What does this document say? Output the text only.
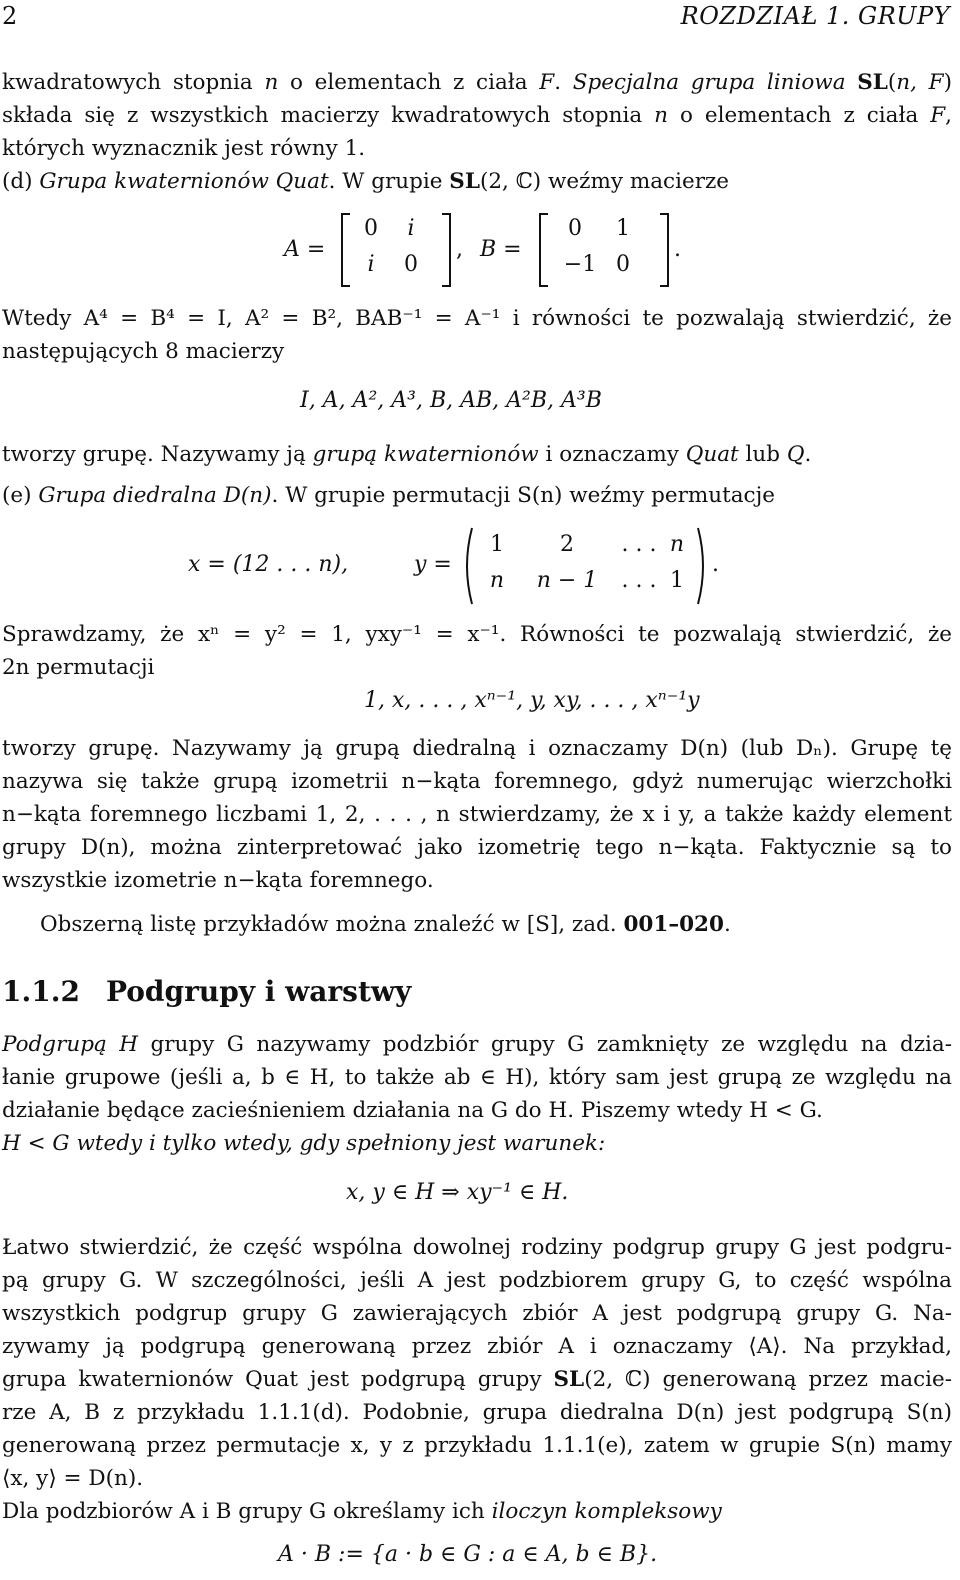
2	ROZDZIAŁ 1. GRUPY
kwadratowych stopnia n o elementach z ciała F. Specjalna grupa liniowa SL(n, F)
składa się z wszystkich macierzy kwadratowych stopnia n o elementach z ciała F,
których wyznacznik jest równy 1.
(d) Grupa kwaternionów Quat. W grupie SL(2, ℂ) weźmy macierze
A =
0	i
i	0
, B =
0	1
−1 0
.
Wtedy A⁴ = B⁴ = I, A² = B², BAB⁻¹ = A⁻¹ i równości te pozwalają stwierdzić, że
następujących 8 macierzy
I, A, A², A³, B, AB, A²B, A³B
tworzy grupę. Nazywamy ją grupą kwaternionów i oznaczamy Quat lub Q.
(e) Grupa diedralna D(n). W grupie permutacji S(n) weźmy permutacje
x = (12 . . . n),	y =
1	2	. . . n
n	n − 1	. . . 1
.
Sprawdzamy, że xⁿ = y² = 1, yxy⁻¹ = x⁻¹. Równości te pozwalają stwierdzić, że
2n permutacji
1, x, . . . , xⁿ⁻¹, y, xy, . . . , xⁿ⁻¹y
tworzy grupę. Nazywamy ją grupą diedralną i oznaczamy D(n) (lub Dₙ). Grupę tę
nazywa się także grupą izometrii n−kąta foremnego, gdyż numerując wierzchołki
n−kąta foremnego liczbami 1, 2, . . . , n stwierdzamy, że x i y, a także każdy element
grupy D(n), można zinterpretować jako izometrię tego n−kąta. Faktycznie są to
wszystkie izometrie n−kąta foremnego.
Obszerną listę przykładów można znaleźć w [S], zad. 001–020.
1.1.2 Podgrupy i warstwy
Podgrupą H grupy G nazywamy podzbiór grupy G zamknięty ze względu na dzia-
łanie grupowe (jeśli a, b ∈ H, to także ab ∈ H), który sam jest grupą ze względu na
działanie będące zacieśnieniem działania na G do H. Piszemy wtedy H < G.
H < G wtedy i tylko wtedy, gdy spełniony jest warunek:
x, y ∈ H ⇒ xy⁻¹ ∈ H.
Łatwo stwierdzić, że część wspólna dowolnej rodziny podgrup grupy G jest podgru-
pą grupy G. W szczególności, jeśli A jest podzbiorem grupy G, to część wspólna
wszystkich podgrup grupy G zawierających zbiór A jest podgrupą grupy G. Na-
zywamy ją podgrupą generowaną przez zbiór A i oznaczamy ⟨A⟩. Na przykład,
grupa kwaternionów Quat jest podgrupą grupy SL(2, ℂ) generowaną przez macie-
rze A, B z przykładu 1.1.1(d). Podobnie, grupa diedralna D(n) jest podgrupą S(n)
generowaną przez permutacje x, y z przykładu 1.1.1(e), zatem w grupie S(n) mamy
⟨x, y⟩ = D(n).
Dla podzbiorów A i B grupy G określamy ich iloczyn kompleksowy
A · B := {a · b ∈ G : a ∈ A, b ∈ B}.
